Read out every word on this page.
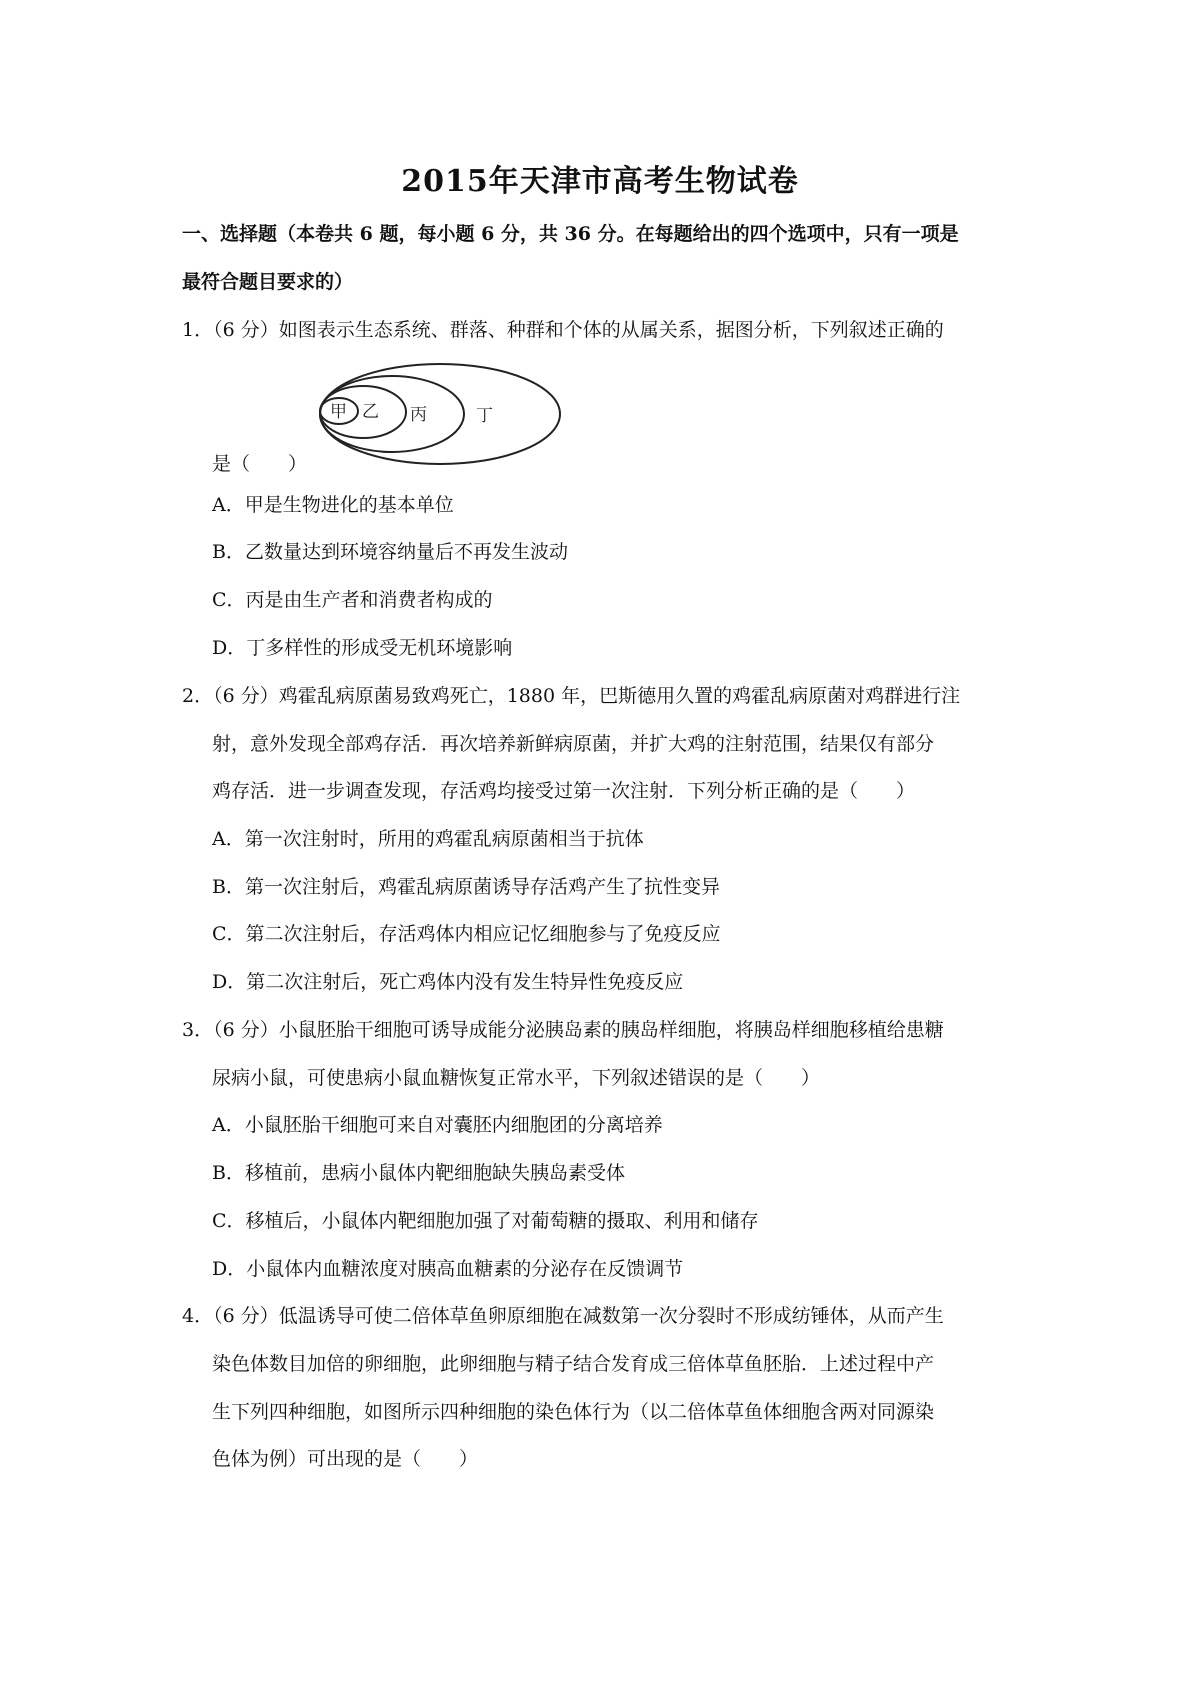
2015年天津市高考生物试卷
一、选择题（本卷共 6 题，每小题 6 分，共 36 分。在每题给出的四个选项中，只有一项是
最符合题目要求的）
1．（6 分）如图表示生态系统、群落、种群和个体的从属关系，据图分析，下列叙述正确的
甲 乙 丙	丁
是（　　）
A．甲是生物进化的基本单位
B．乙数量达到环境容纳量后不再发生波动
C．丙是由生产者和消费者构成的
D．丁多样性的形成受无机环境影响
2．（6 分）鸡霍乱病原菌易致鸡死亡，1880 年，巴斯德用久置的鸡霍乱病原菌对鸡群进行注
射，意外发现全部鸡存活．再次培养新鲜病原菌，并扩大鸡的注射范围，结果仅有部分
鸡存活．进一步调查发现，存活鸡均接受过第一次注射．下列分析正确的是（　　）
A．第一次注射时，所用的鸡霍乱病原菌相当于抗体
B．第一次注射后，鸡霍乱病原菌诱导存活鸡产生了抗性变异
C．第二次注射后，存活鸡体内相应记忆细胞参与了免疫反应
D．第二次注射后，死亡鸡体内没有发生特异性免疫反应
3．（6 分）小鼠胚胎干细胞可诱导成能分泌胰岛素的胰岛样细胞，将胰岛样细胞移植给患糖
尿病小鼠，可使患病小鼠血糖恢复正常水平，下列叙述错误的是（　　）
A．小鼠胚胎干细胞可来自对囊胚内细胞团的分离培养
B．移植前，患病小鼠体内靶细胞缺失胰岛素受体
C．移植后，小鼠体内靶细胞加强了对葡萄糖的摄取、利用和储存
D．小鼠体内血糖浓度对胰高血糖素的分泌存在反馈调节
4．（6 分）低温诱导可使二倍体草鱼卵原细胞在减数第一次分裂时不形成纺锤体，从而产生
染色体数目加倍的卵细胞，此卵细胞与精子结合发育成三倍体草鱼胚胎．上述过程中产
生下列四种细胞，如图所示四种细胞的染色体行为（以二倍体草鱼体细胞含两对同源染
色体为例）可出现的是（　　）
